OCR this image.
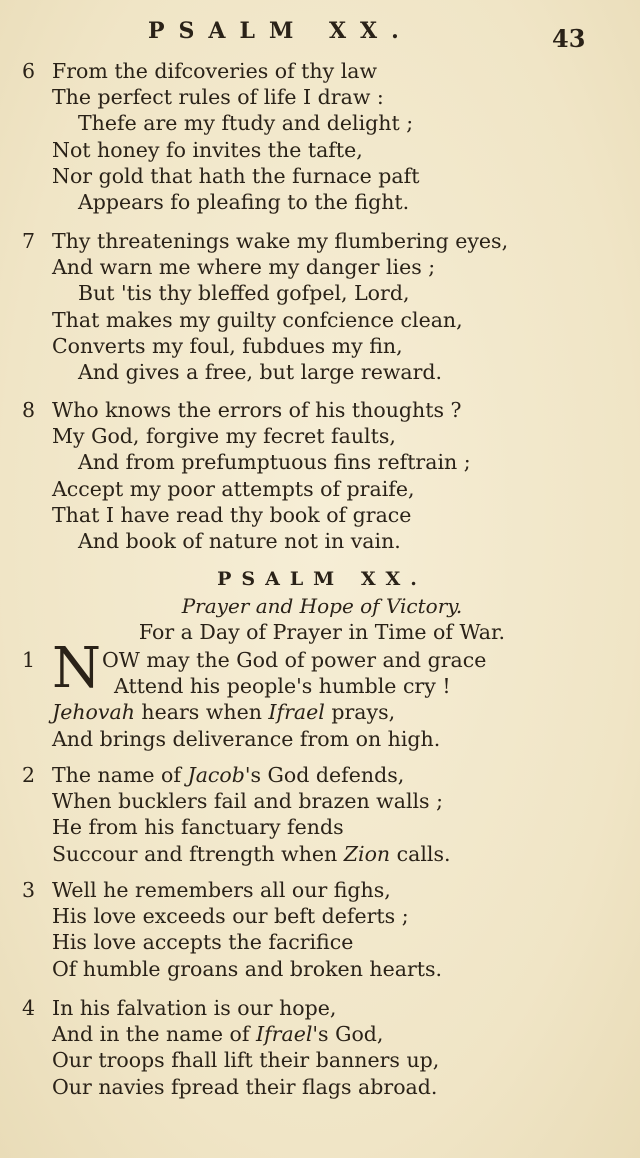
PSALM XX.	43
6 From the difcoveries of thy law
The perfect rules of life I draw :
Thefe are my ftudy and delight ;
Not honey fo invites the tafte,
Nor gold that hath the furnace paft
Appears fo pleafing to the fight.
7 Thy threatenings wake my flumbering eyes,
And warn me where my danger lies ;
But 'tis thy bleffed gofpel, Lord,
That makes my guilty confcience clean,
Converts my foul, fubdues my fin,
And gives a free, but large reward.
8 Who knows the errors of his thoughts ?
My God, forgive my fecret faults,
And from prefumptuous fins reftrain ;
Accept my poor attempts of praife,
That I have read thy book of grace
And book of nature not in vain.
PSALM XX.
Prayer and Hope of Victory.
For a Day of Prayer in Time of War.
1 N OW may the God of power and grace
Attend his people's humble cry !
Jehovah hears when Ifrael prays,
And brings deliverance from on high.
2 The name of Jacob's God defends,
When bucklers fail and brazen walls ;
He from his fanctuary fends
Succour and ftrength when Zion calls.
3 Well he remembers all our fighs,
His love exceeds our beft deferts ;
His love accepts the facrifice
Of humble groans and broken hearts.
4 In his falvation is our hope,
And in the name of Ifrael's God,
Our troops fhall lift their banners up,
Our navies fpread their flags abroad.
